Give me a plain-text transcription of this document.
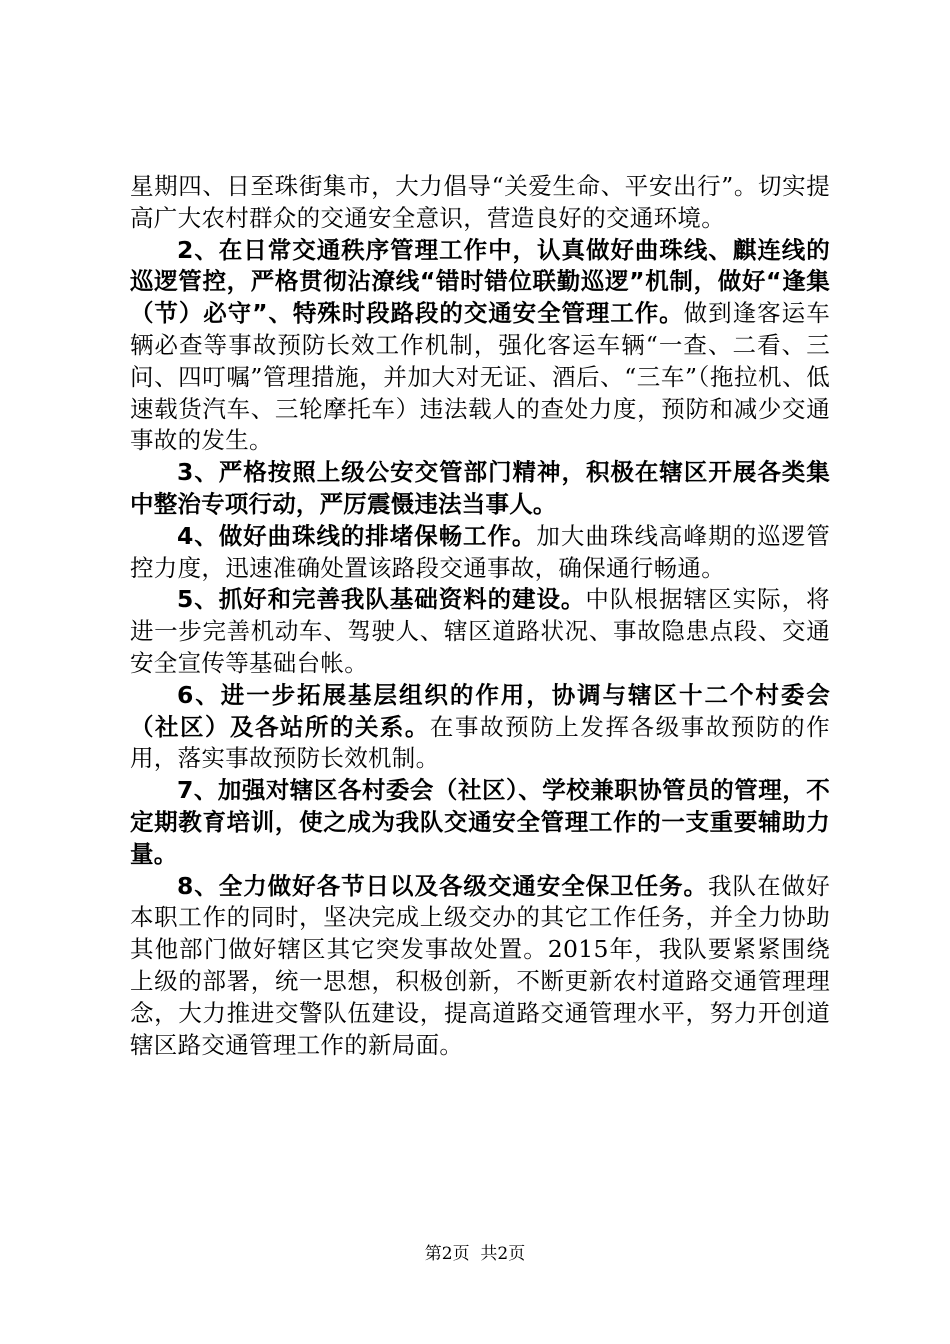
星期四、日至珠街集市，大力倡导“关爱生命、平安出行”。切实提高广大农村群众的交通安全意识，营造良好的交通环境。

2、在日常交通秩序管理工作中，认真做好曲珠线、麒连线的巡逻管控，严格贯彻沾潦线“错时错位联勤巡逻”机制，做好“逢集（节）必守”、特殊时段路段的交通安全管理工作。做到逢客运车辆必查等事故预防长效工作机制，强化客运车辆“一查、二看、三问、四叮嘱”管理措施，并加大对无证、酒后、“三车”（拖拉机、低速载货汽车、三轮摩托车）违法载人的查处力度，预防和减少交通事故的发生。

3、严格按照上级公安交管部门精神，积极在辖区开展各类集中整治专项行动，严厉震慑违法当事人。

4、做好曲珠线的排堵保畅工作。加大曲珠线高峰期的巡逻管控力度，迅速准确处置该路段交通事故，确保通行畅通。

5、抓好和完善我队基础资料的建设。中队根据辖区实际，将进一步完善机动车、驾驶人、辖区道路状况、事故隐患点段、交通安全宣传等基础台帐。

6、进一步拓展基层组织的作用，协调与辖区十二个村委会（社区）及各站所的关系。在事故预防上发挥各级事故预防的作用，落实事故预防长效机制。

7、加强对辖区各村委会（社区）、学校兼职协管员的管理，不定期教育培训，使之成为我队交通安全管理工作的一支重要辅助力量。

8、全力做好各节日以及各级交通安全保卫任务。我队在做好本职工作的同时，坚决完成上级交办的其它工作任务，并全力协助其他部门做好辖区其它突发事故处置。2015年，我队要紧紧围绕上级的部署，统一思想，积极创新，不断更新农村道路交通管理理念，大力推进交警队伍建设，提高道路交通管理水平，努力开创道辖区路交通管理工作的新局面。

第2页  共2页
